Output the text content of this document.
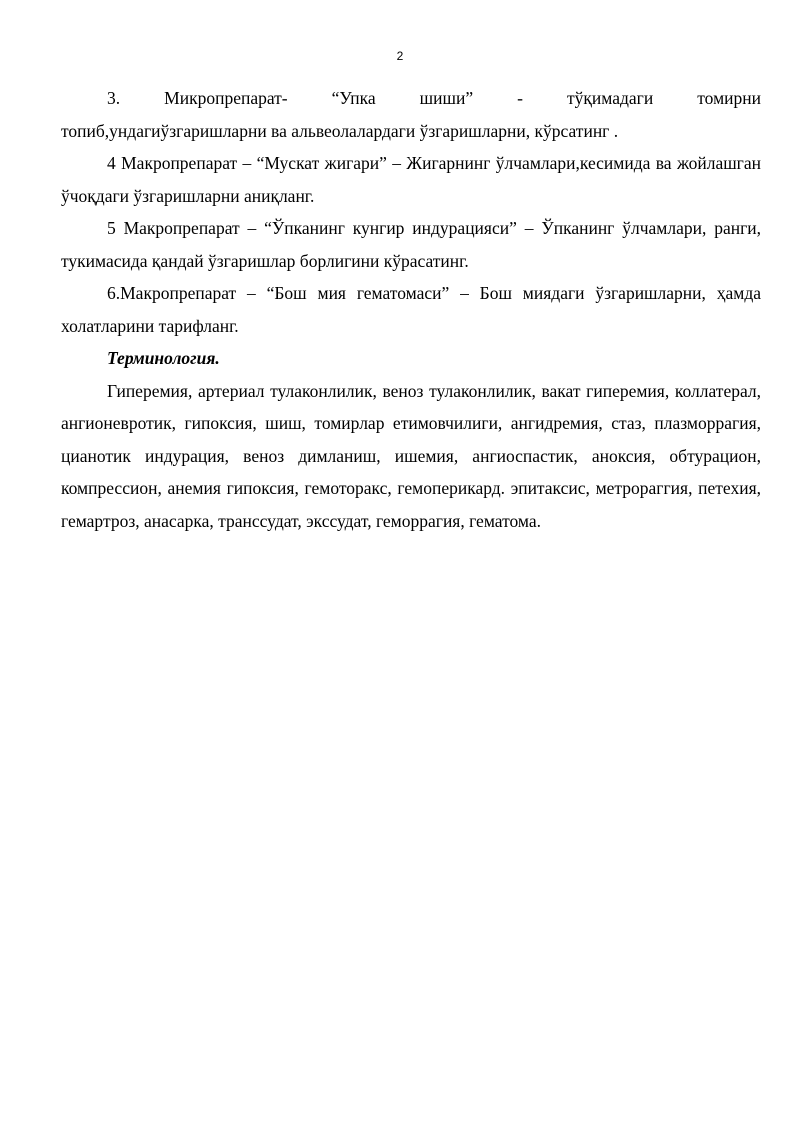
2

3. Микропрепарат- “Упка шиши” - тўқимадаги томирни

топиб,ундагиўзгаришларни ва альвеолалардаги ўзгаришларни, кўрсатинг .

4 Макропрепарат – “Мускат жигари” – Жигарнинг ўлчамлари,кесимида ва жойлашган ўчоқдаги ўзгаришларни аниқланг.

5 Макропрепарат – “Ўпканинг кунгир индурацияси” – Ўпканинг ўлчамлари, ранги, тукимасида қандай ўзгаришлар борлигини кўрасатинг.

6.Макропрепарат – “Бош мия гематомаси” – Бош миядаги ўзгаришларни, ҳамда холатларини тарифланг.

Терминология.

Гиперемия, артериал тулаконлилик, веноз тулаконлилик, вакат гиперемия, коллатерал, ангионевротик, гипоксия, шиш, томирлар етимовчилиги, ангидремия, стаз, плазморрагия, цианотик индурация, веноз димланиш, ишемия, ангиоспастик, аноксия, обтурацион, компрессион, анемия гипоксия, гемоторакс, гемоперикард. эпитаксис, метрораггия, петехия, гемартроз, анасарка, транссудат, экссудат, геморрагия, гематома.
